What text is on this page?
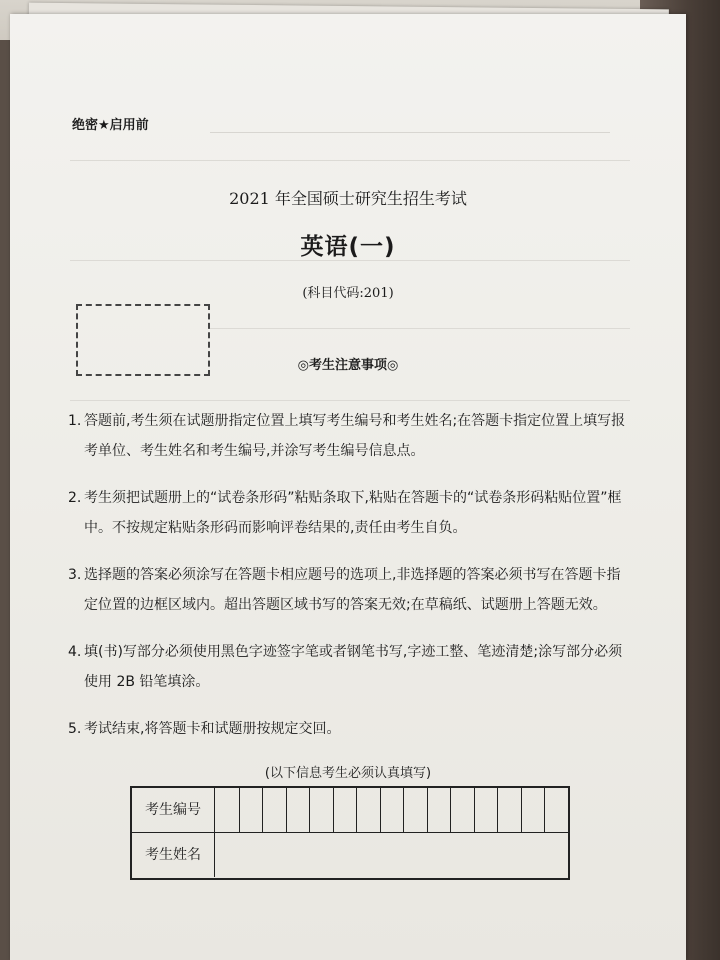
绝密★启用前
2021 年全国硕士研究生招生考试
英语(一)
(科目代码:201)
◎考生注意事项◎
1. 答题前,考生须在试题册指定位置上填写考生编号和考生姓名;在答题卡指定位置上填写报考单位、考生姓名和考生编号,并涂写考生编号信息点。
2. 考生须把试题册上的“试卷条形码”粘贴条取下,粘贴在答题卡的“试卷条形码粘贴位置”框中。不按规定粘贴条形码而影响评卷结果的,责任由考生自负。
3. 选择题的答案必须涂写在答题卡相应题号的选项上,非选择题的答案必须书写在答题卡指定位置的边框区域内。超出答题区域书写的答案无效;在草稿纸、试题册上答题无效。
4. 填(书)写部分必须使用黑色字迹签字笔或者钢笔书写,字迹工整、笔迹清楚;涂写部分必须使用 2B 铅笔填涂。
5. 考试结束,将答题卡和试题册按规定交回。
(以下信息考生必须认真填写)
考生编号
考生姓名
